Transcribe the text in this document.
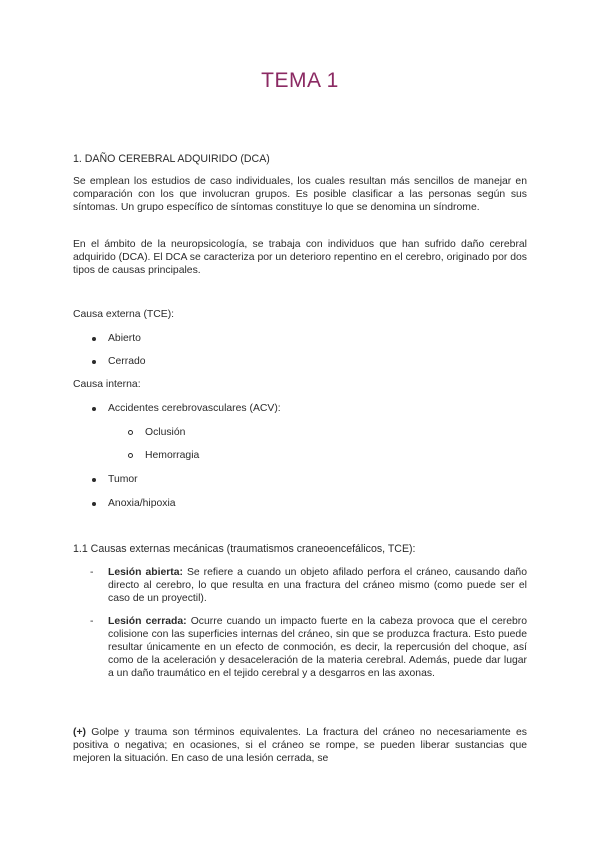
TEMA 1
1. DAÑO CEREBRAL ADQUIRIDO (DCA)
Se emplean los estudios de caso individuales, los cuales resultan más sencillos de manejar en comparación con los que involucran grupos. Es posible clasificar a las personas según sus síntomas. Un grupo específico de síntomas constituye lo que se denomina un síndrome.
En el ámbito de la neuropsicología, se trabaja con individuos que han sufrido daño cerebral adquirido (DCA). El DCA se caracteriza por un deterioro repentino en el cerebro, originado por dos tipos de causas principales.
Causa externa (TCE):
Abierto
Cerrado
Causa interna:
Accidentes cerebrovasculares (ACV):
Oclusión
Hemorragia
Tumor
Anoxia/hipoxia
1.1 Causas externas mecánicas (traumatismos craneoencefálicos, TCE):
- Lesión abierta: Se refiere a cuando un objeto afilado perfora el cráneo, causando daño directo al cerebro, lo que resulta en una fractura del cráneo mismo (como puede ser el caso de un proyectil).
- Lesión cerrada: Ocurre cuando un impacto fuerte en la cabeza provoca que el cerebro colisione con las superficies internas del cráneo, sin que se produzca fractura. Esto puede resultar únicamente en un efecto de conmoción, es decir, la repercusión del choque, así como de la aceleración y desaceleración de la materia cerebral. Además, puede dar lugar a un daño traumático en el tejido cerebral y a desgarros en las axonas.
(+) Golpe y trauma son términos equivalentes. La fractura del cráneo no necesariamente es positiva o negativa; en ocasiones, si el cráneo se rompe, se pueden liberar sustancias que mejoren la situación. En caso de una lesión cerrada, se
